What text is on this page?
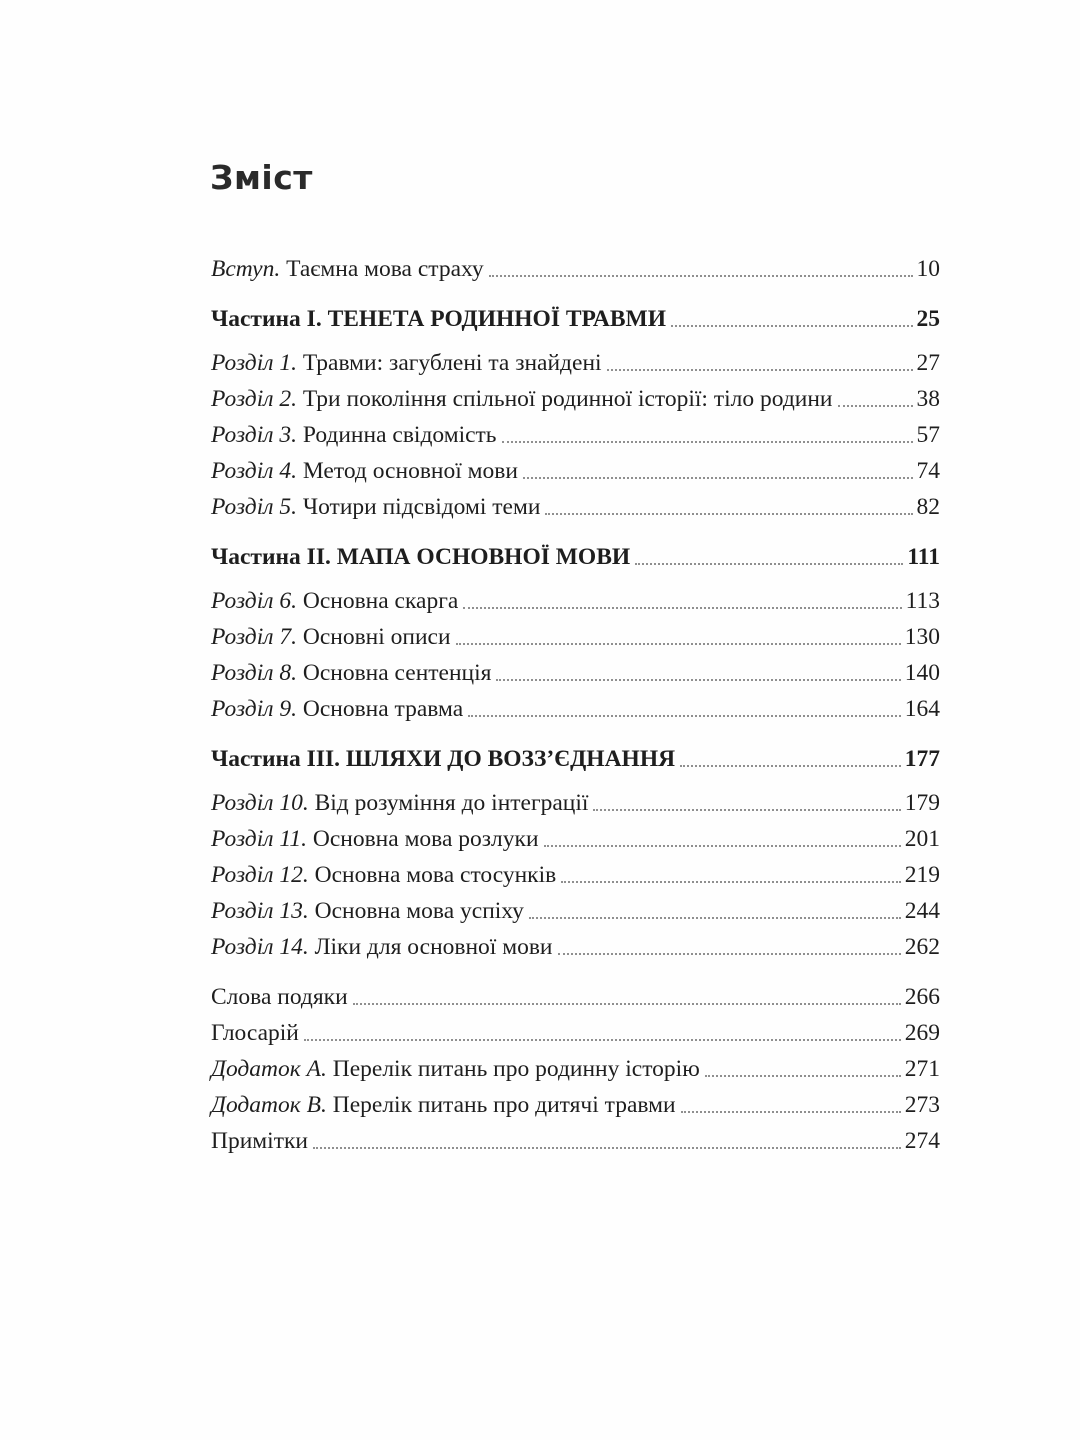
Зміст
Вступ. Таємна мова страху	10
Частина I. ТЕНЕТА РОДИННОЇ ТРАВМИ	25
Розділ 1. Травми: загублені та знайдені	27
Розділ 2. Три покоління спільної родинної історії: тіло родини	38
Розділ 3. Родинна свідомість	57
Розділ 4. Метод основної мови	74
Розділ 5. Чотири підсвідомі теми	82
Частина II. МАПА ОСНОВНОЇ МОВИ	111
Розділ 6. Основна скарга	113
Розділ 7. Основні описи	130
Розділ 8. Основна сентенція	140
Розділ 9. Основна травма	164
Частина III. ШЛЯХИ ДО ВОЗЗ’ЄДНАННЯ	177
Розділ 10. Від розуміння до інтеграції	179
Розділ 11. Основна мова розлуки	201
Розділ 12. Основна мова стосунків	219
Розділ 13. Основна мова успіху	244
Розділ 14. Ліки для основної мови	262
Слова подяки	266
Глосарій	269
Додаток A. Перелік питань про родинну історію	271
Додаток B. Перелік питань про дитячі травми	273
Примітки	274
